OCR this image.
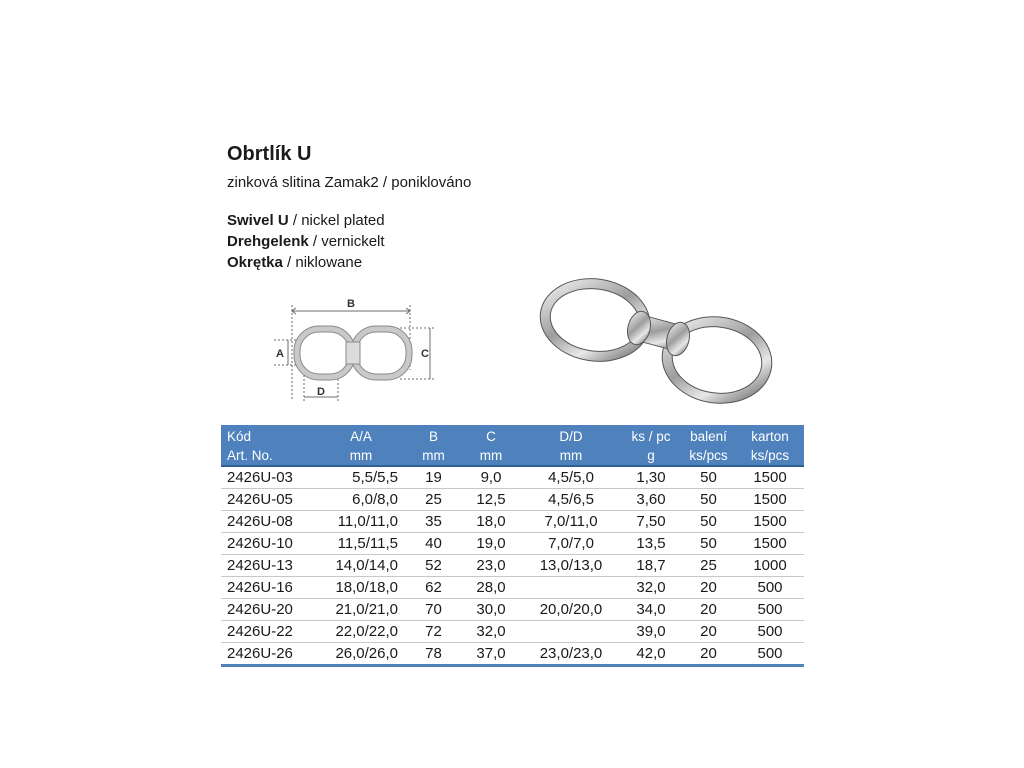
Obrtlík U
zinková slitina Zamak2 / poniklováno
Swivel U / nickel plated
Drehgelenk / vernickelt
Okrętka / niklowane
B
A	C
D
Kód	A/A	B	C	D/D	ks / pc	balení	karton
Art. No.	mm	mm	mm	mm	g	ks/pcs	ks/pcs
2426U-03	5,5/5,5	19	9,0	4,5/5,0	1,30	50	1500
2426U-05	6,0/8,0	25	12,5	4,5/6,5	3,60	50	1500
2426U-08	11,0/11,0	35	18,0	7,0/11,0	7,50	50	1500
2426U-10	11,5/11,5	40	19,0	7,0/7,0	13,5	50	1500
2426U-13	14,0/14,0	52	23,0	13,0/13,0	18,7	25	1000
2426U-16	18,0/18,0	62	28,0		32,0	20	500
2426U-20	21,0/21,0	70	30,0	20,0/20,0	34,0	20	500
2426U-22	22,0/22,0	72	32,0		39,0	20	500
2426U-26	26,0/26,0	78	37,0	23,0/23,0	42,0	20	500
